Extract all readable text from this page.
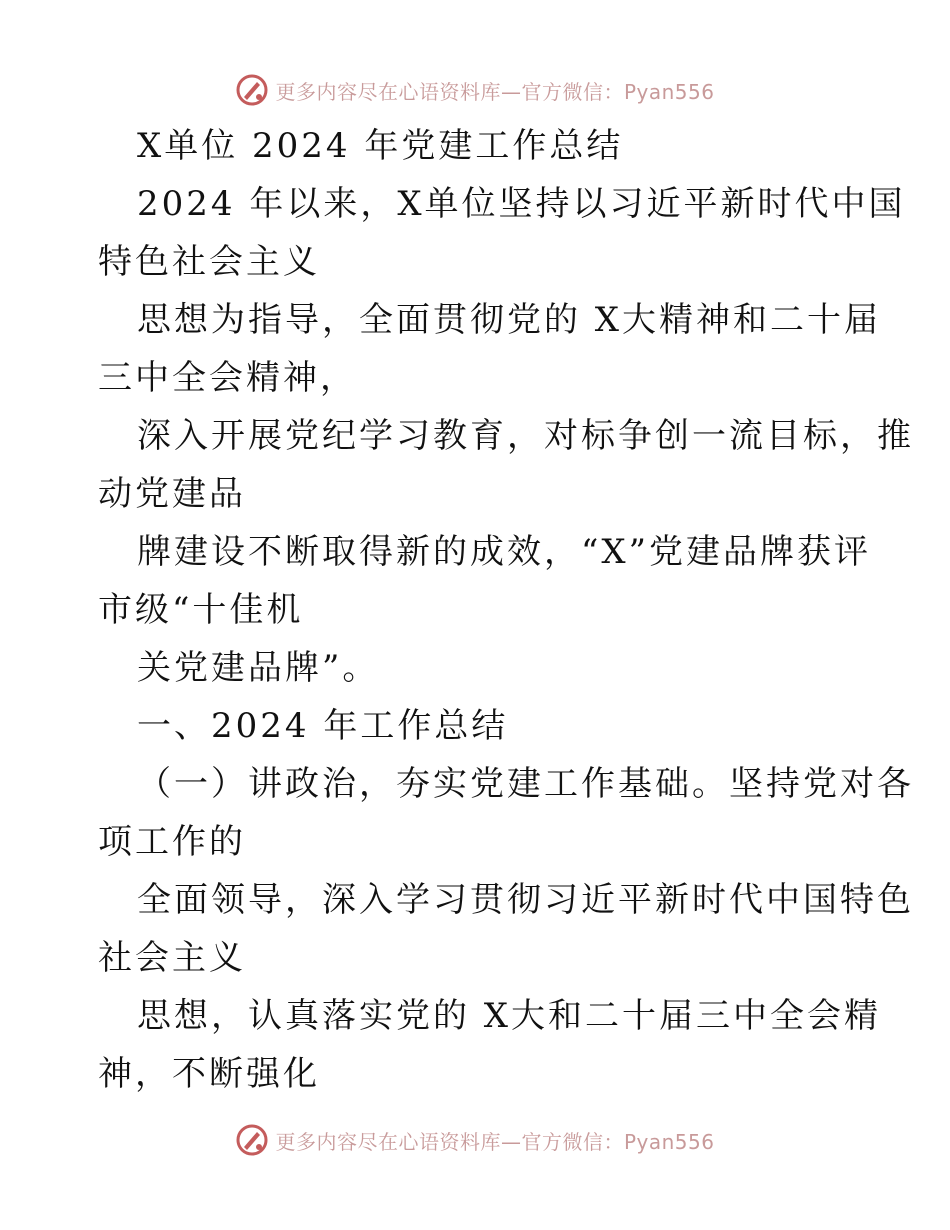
更多内容尽在心语资料库—官方微信：Pyan556
X单位 2024 年党建工作总结
2024 年以来，X单位坚持以习近平新时代中国
特色社会主义
思想为指导，全面贯彻党的 X大精神和二十届
三中全会精神，
深入开展党纪学习教育，对标争创一流目标，推
动党建品
牌建设不断取得新的成效，“X”党建品牌获评
市级“十佳机
关党建品牌”。
一、2024 年工作总结
（一）讲政治，夯实党建工作基础。坚持党对各
项工作的
全面领导，深入学习贯彻习近平新时代中国特色
社会主义
思想，认真落实党的 X大和二十届三中全会精
神，不断强化
更多内容尽在心语资料库—官方微信：Pyan556
